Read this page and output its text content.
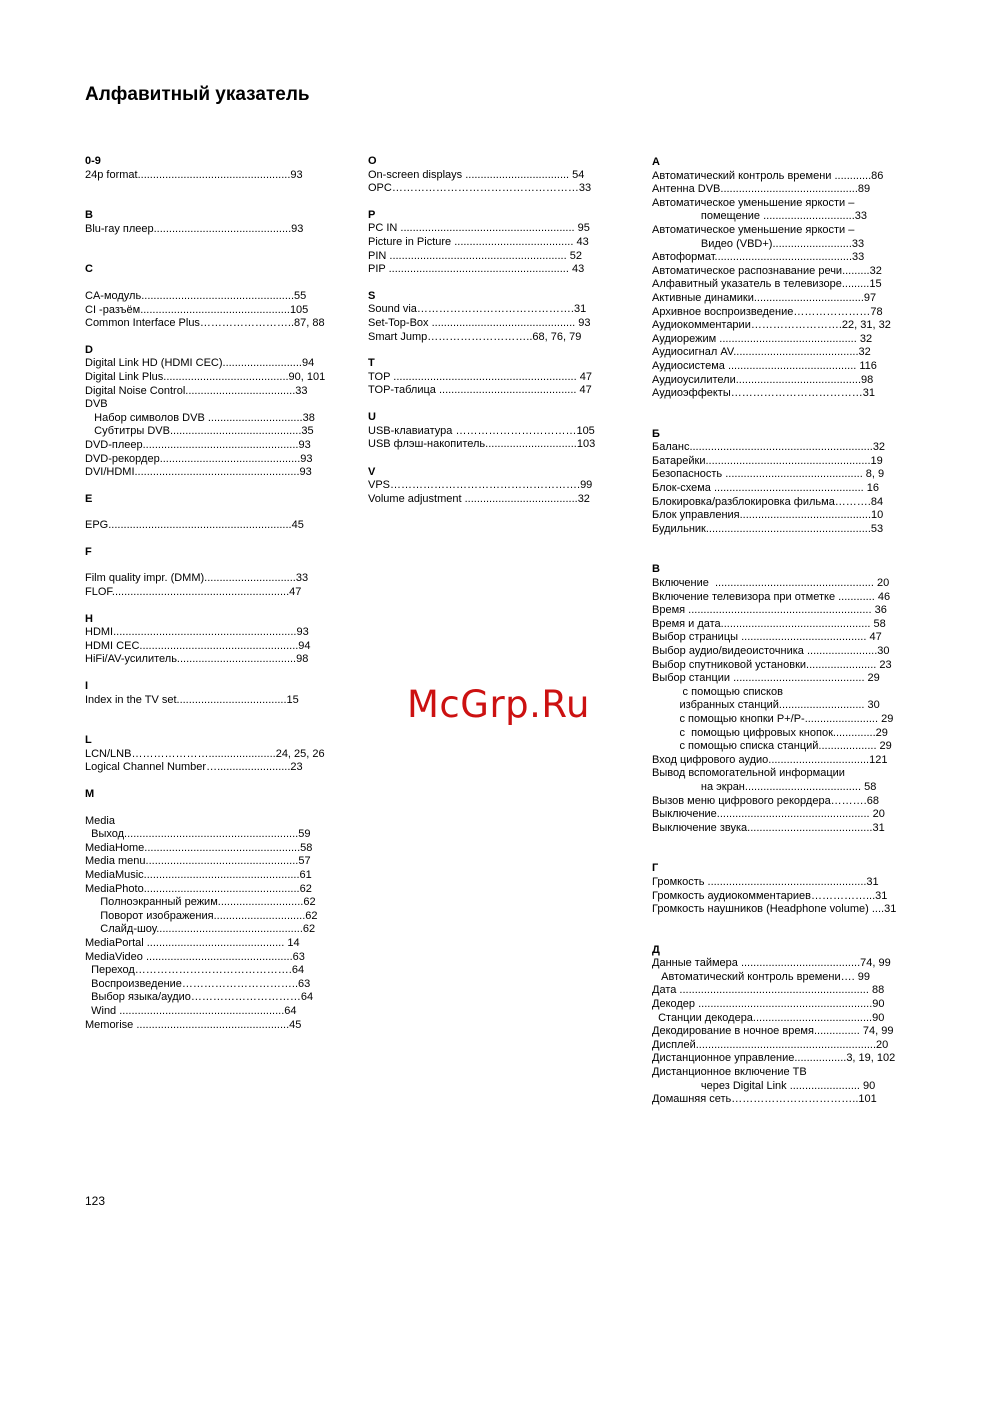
Алфавитный указатель
0-9
24p format..................................................93
B
Blu-ray плеер.............................................93
C
CA-модуль..................................................55
CI -разъём.................................................105
Common Interface Plus……………………..87, 88
D
Digital Link HD (HDMI CEC)..........................94
Digital Link Plus.........................................90, 101
Digital Noise Control....................................33
DVB
Набор символов DVB ...............................38
Субтитры DVB...........................................35
DVD-плеер...................................................93
DVD-рекордер..............................................93
DVI/HDMI......................................................93
E
EPG............................................................45
F
Film quality impr. (DMM)..............................33
FLOF..........................................................47
H
HDMI............................................................93
HDMI CEC....................................................94
HiFi/AV-усилитель.......................................98
I
Index in the TV set....................................15
L
LCN/LNB…………………......................24, 25, 26
Logical Channel Number…........................23
M
Media
Выход.........................................................59
MediaHome...................................................58
Media menu..................................................57
MediaMusic...................................................61
MediaPhoto...................................................62
Полноэкранный режим............................62
Поворот изображения..............................62
Слайд-шоу................................................62
MediaPortal ............................................. 14
MediaVideo ................................................63
Переход…………………………………….64
Воспроизведение…………………………..63
Выбор языка/аудио…………………………64
Wind ......................................................64
Memorise ..................................................45
O
On-screen displays .................................. 54
OPC……………………………………………33
P
PC IN ......................................................... 95
Picture in Picture ....................................... 43
PIN .......................................................... 52
PIP ........................................................... 43
S
Sound via…………………………………….31
Set-Top-Box ............................................... 93
Smart Jump………………………..68, 76, 79
T
TOP ............................................................ 47
TOP-таблица ............................................. 47
U
USB-клавиатура ……………………………105
USB флэш-накопитель..............................103
V
VPS…………………………………………….99
Volume adjustment .....................................32
А
Автоматический контроль времени ............86
Антенна DVB.............................................89
Автоматическое уменьшение яркости –
помещение ..............................33
Автоматическое уменьшение яркости –
Видео (VBD+)..........................33
Автоформат.............................................33
Автоматическое распознавание речи.........32
Алфавитный указатель в телевизоре.........15
Активные динамики....................................97
Архивное воспроизведение…………………78
Аудиокомментарии…………………….22, 31, 32
Аудиорежим ............................................. 32
Аудиосигнал AV.........................................32
Аудиосистема .......................................... 116
Аудиоусилители.........................................98
Аудиоэффекты………………………………31
Б
Баланс............................................................32
Батарейки......................................................19
Безопасность ............................................. 8, 9
Блок-схема ................................................. 16
Блокировка/разблокировка фильма……….84
Блок управления...........................................10
Будильник......................................................53
В
Включение  .................................................... 20
Включение телевизора при отметке ............ 46
Время ............................................................ 36
Время и дата................................................. 58
Выбор страницы ......................................... 47
Выбор аудио/видеоисточника .......................30
Выбор спутниковой установки....................... 23
Выбор станции ........................................... 29
с помощью списков
избранных станций............................ 30
с помощью кнопки P+/P-........................ 29
с  помощью цифровых кнопок..............29
с помощью списка станций................... 29
Вход цифрового аудио.................................121
Вывод вспомогательной информации
на экран...................................... 58
Вызов меню цифрового рекордера……….68
Выключение.................................................. 20
Выключение звука.........................................31
Г
Громкость ....................................................31
Громкость аудиокомментариев……………...31
Громкость наушников (Headphone volume) ....31
Д
Данные таймера .......................................74, 99
Автоматический контроль времени…. 99
Дата .............................................................. 88
Декодер .........................................................90
Станции декодера.......................................90
Декодирование в ночное время............... 74, 99
Дисплей...........................................................20
Дистанционное управление.................3, 19, 102
Дистанционное включение ТВ
через Digital Link ....................... 90
Домашняя сеть……………………………..101
McGrp.Ru
123
